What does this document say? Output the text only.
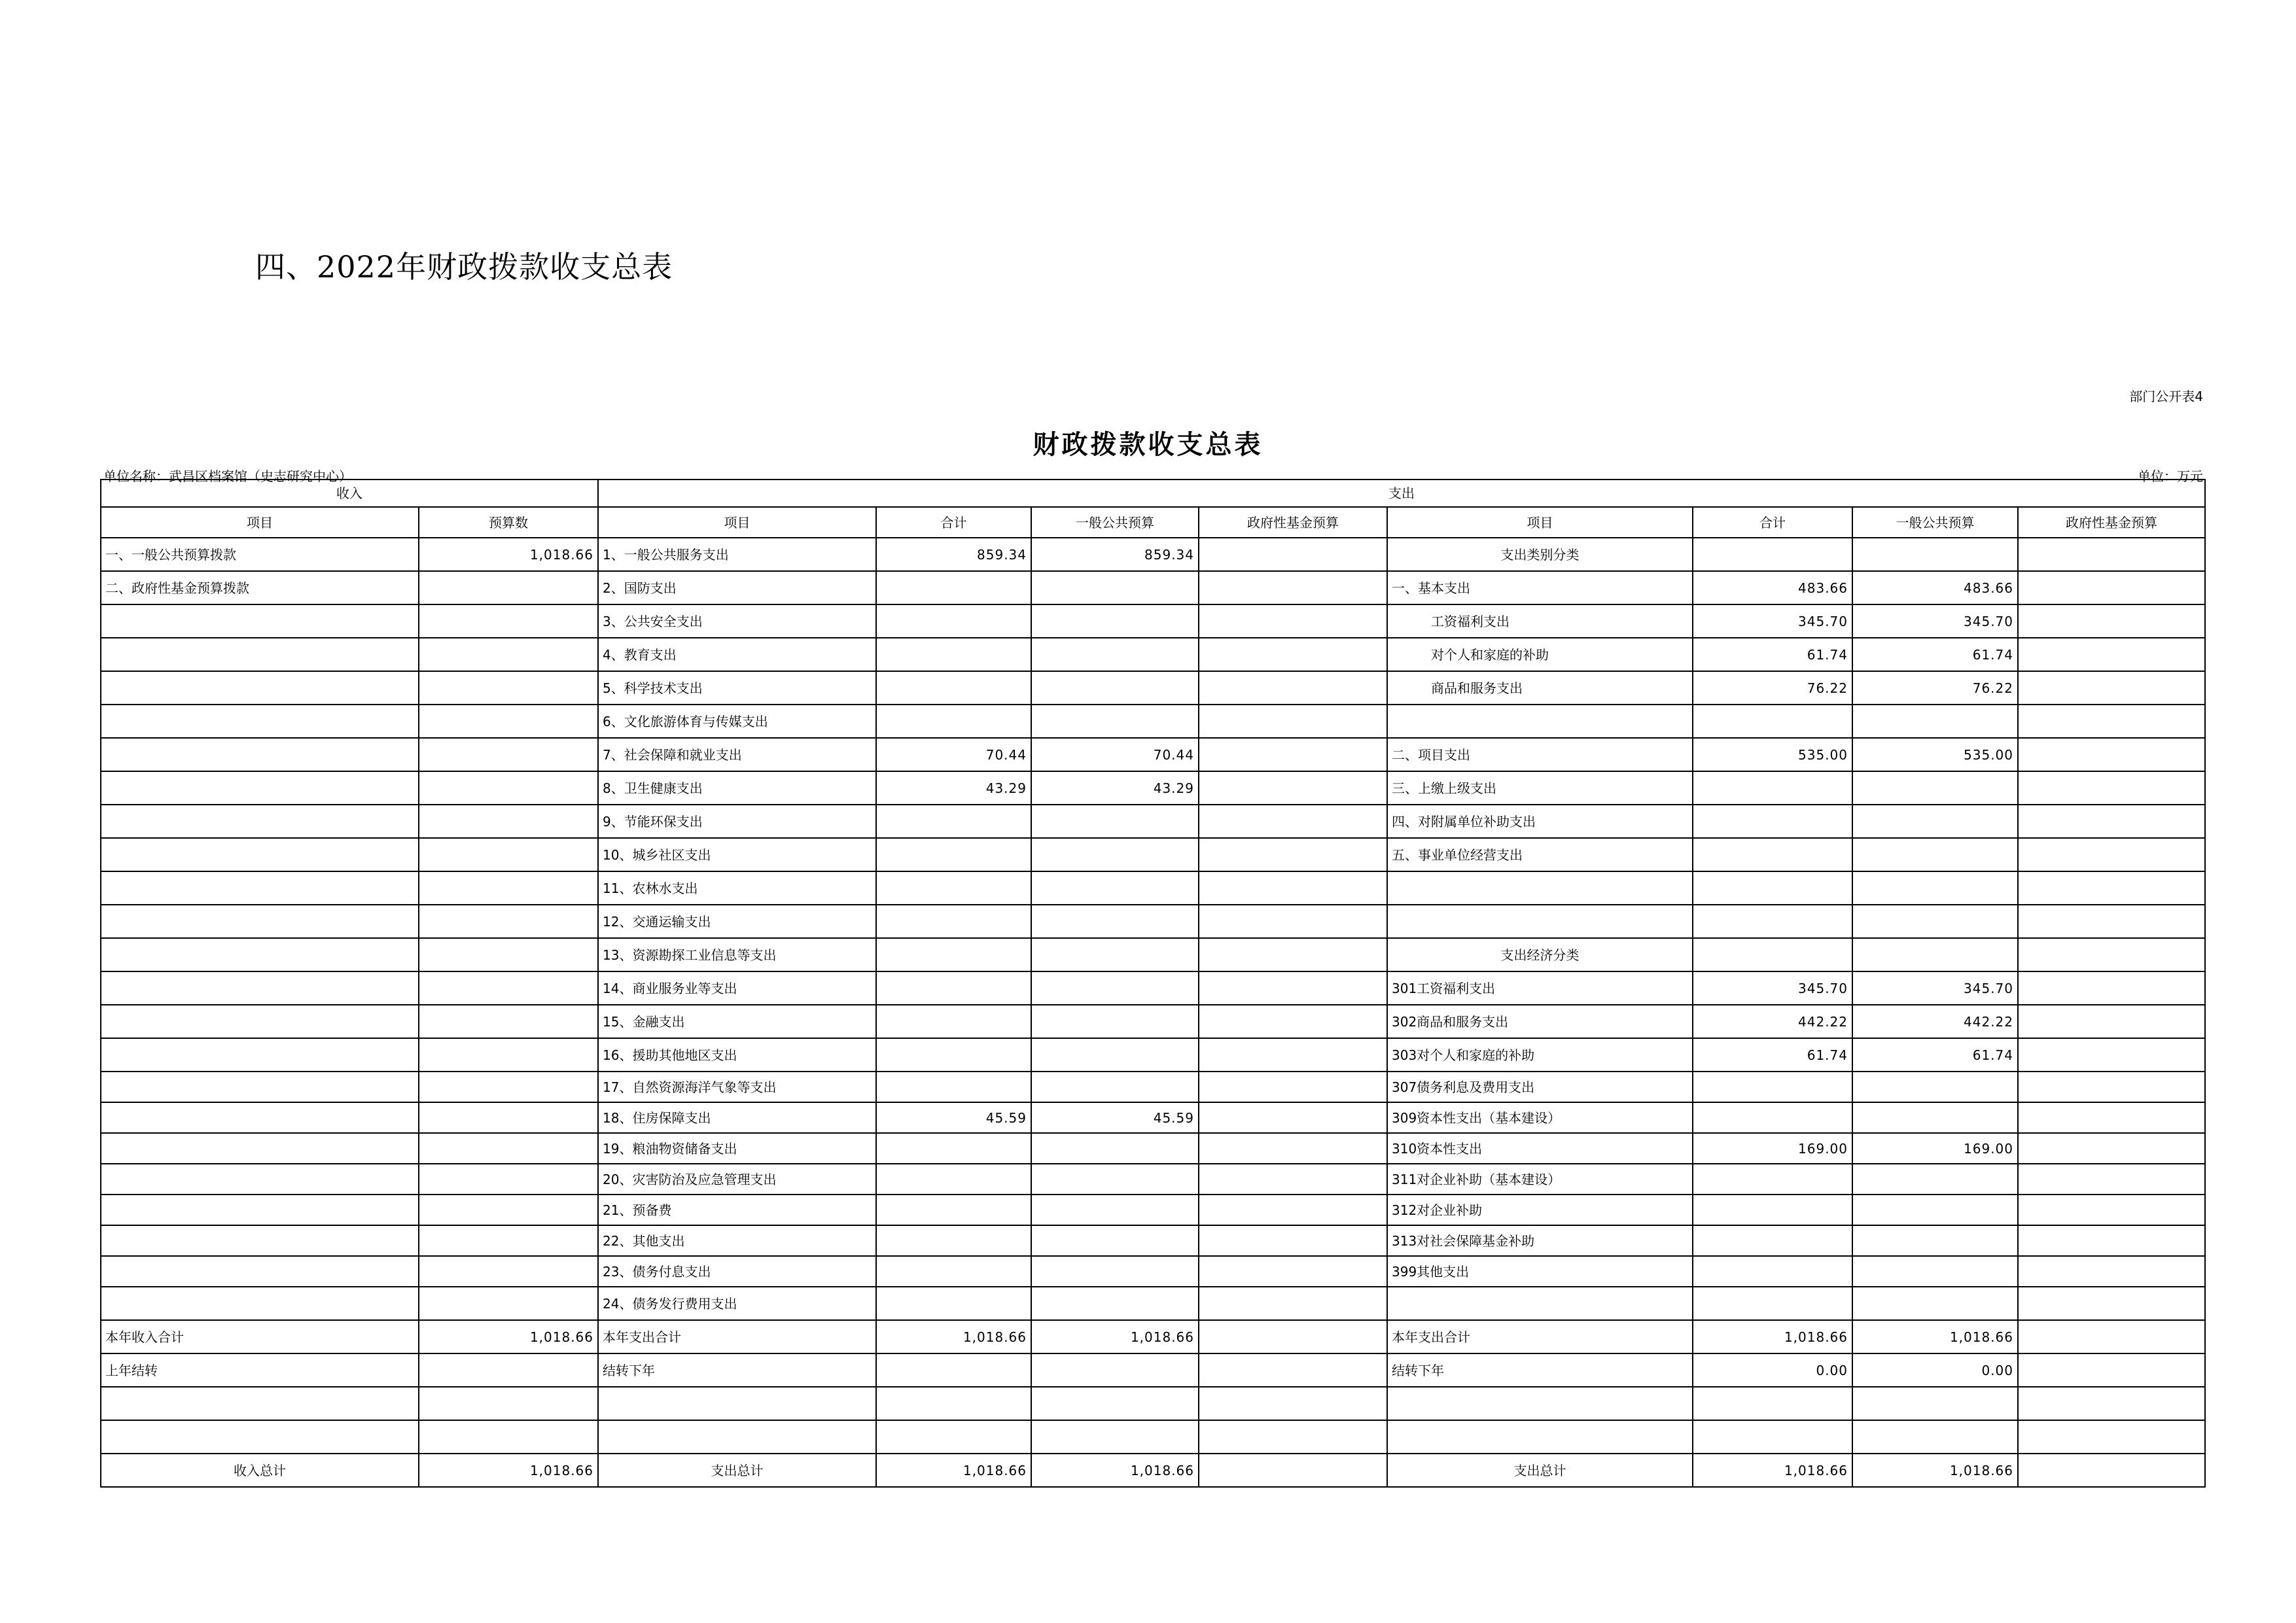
四、2022年财政拨款收支总表
部门公开表4
财政拨款收支总表
单位名称：武昌区档案馆（史志研究中心）	单位：万元
收入		支出							
项目	预算数	项目	合计	一般公共预算	政府性基金预算	项目	合计	一般公共预算	政府性基金预算
一、一般公共预算拨款	1,018.66	1、一般公共服务支出	859.34	859.34		支出类别分类			
二、政府性基金预算拨款		2、国防支出				一、基本支出	483.66	483.66	
		3、公共安全支出				工资福利支出	345.70	345.70	
		4、教育支出				对个人和家庭的补助	61.74	61.74	
		5、科学技术支出				商品和服务支出	76.22	76.22	
		6、文化旅游体育与传媒支出							
		7、社会保障和就业支出	70.44	70.44		二、项目支出	535.00	535.00	
		8、卫生健康支出	43.29	43.29		三、上缴上级支出			
		9、节能环保支出				四、对附属单位补助支出			
		10、城乡社区支出				五、事业单位经营支出			
		11、农林水支出							
		12、交通运输支出							
		13、资源勘探工业信息等支出				支出经济分类			
		14、商业服务业等支出				301工资福利支出	345.70	345.70	
		15、金融支出				302商品和服务支出	442.22	442.22	
		16、援助其他地区支出				303对个人和家庭的补助	61.74	61.74	
		17、自然资源海洋气象等支出				307债务利息及费用支出			
		18、住房保障支出	45.59	45.59		309资本性支出（基本建设）			
		19、粮油物资储备支出				310资本性支出	169.00	169.00	
		20、灾害防治及应急管理支出				311对企业补助（基本建设）			
		21、预备费				312对企业补助			
		22、其他支出				313对社会保障基金补助			
		23、债务付息支出				399其他支出			
		24、债务发行费用支出							
本年收入合计	1,018.66	本年支出合计	1,018.66	1,018.66		本年支出合计	1,018.66	1,018.66	
上年结转		结转下年				结转下年	0.00	0.00	

收入总计	1,018.66	支出总计	1,018.66	1,018.66		支出总计	1,018.66	1,018.66	
